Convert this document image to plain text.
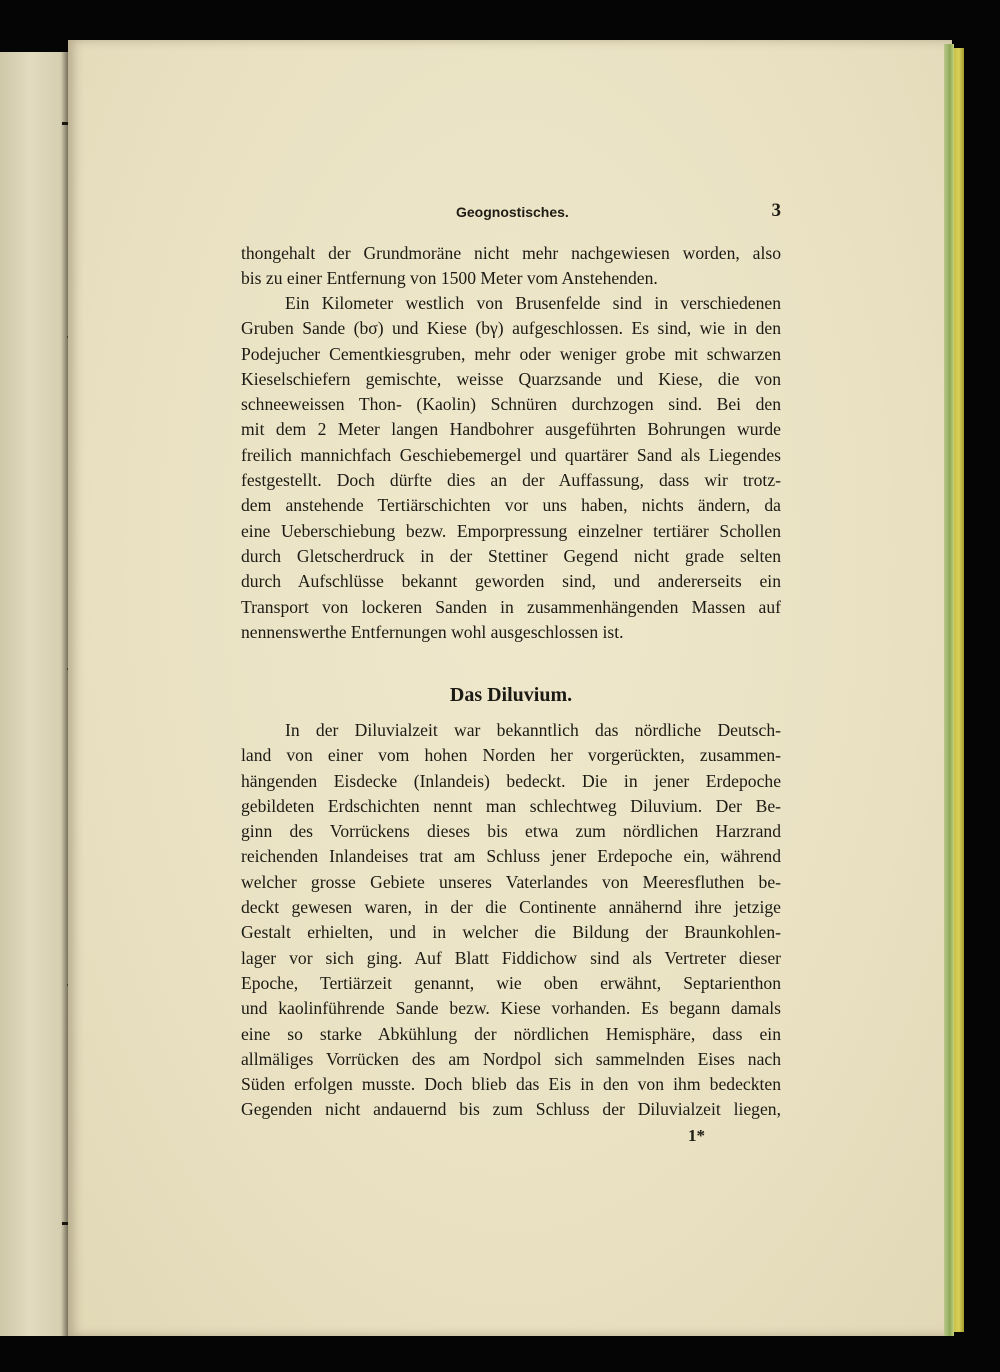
Geognostisches.	3
thongehalt der Grundmoräne nicht mehr nachgewiesen worden, also
bis zu einer Entfernung von 1500 Meter vom Anstehenden.
Ein Kilometer westlich von Brusenfelde sind in verschiedenen
Gruben Sande (bσ) und Kiese (bγ) aufgeschlossen. Es sind, wie in den
Podejucher Cementkiesgruben, mehr oder weniger grobe mit schwarzen
Kieselschiefern gemischte, weisse Quarzsande und Kiese, die von
schneeweissen Thon- (Kaolin) Schnüren durchzogen sind. Bei den
mit dem 2 Meter langen Handbohrer ausgeführten Bohrungen wurde
freilich mannichfach Geschiebemergel und quartärer Sand als Liegendes
festgestellt. Doch dürfte dies an der Auffassung, dass wir trotz-
dem anstehende Tertiärschichten vor uns haben, nichts ändern, da
eine Ueberschiebung bezw. Emporpressung einzelner tertiärer Schollen
durch Gletscherdruck in der Stettiner Gegend nicht grade selten
durch Aufschlüsse bekannt geworden sind, und andererseits ein
Transport von lockeren Sanden in zusammenhängenden Massen auf
nennenswerthe Entfernungen wohl ausgeschlossen ist.
Das Diluvium.
In der Diluvialzeit war bekanntlich das nördliche Deutsch-
land von einer vom hohen Norden her vorgerückten, zusammen-
hängenden Eisdecke (Inlandeis) bedeckt. Die in jener Erdepoche
gebildeten Erdschichten nennt man schlechtweg Diluvium. Der Be-
ginn des Vorrückens dieses bis etwa zum nördlichen Harzrand
reichenden Inlandeises trat am Schluss jener Erdepoche ein, während
welcher grosse Gebiete unseres Vaterlandes von Meeresfluthen be-
deckt gewesen waren, in der die Continente annähernd ihre jetzige
Gestalt erhielten, und in welcher die Bildung der Braunkohlen-
lager vor sich ging. Auf Blatt Fiddichow sind als Vertreter dieser
Epoche, Tertiärzeit genannt, wie oben erwähnt, Septarienthon
und kaolinführende Sande bezw. Kiese vorhanden. Es begann damals
eine so starke Abkühlung der nördlichen Hemisphäre, dass ein
allmäliges Vorrücken des am Nordpol sich sammelnden Eises nach
Süden erfolgen musste. Doch blieb das Eis in den von ihm bedeckten
Gegenden nicht andauernd bis zum Schluss der Diluvialzeit liegen,
1*
